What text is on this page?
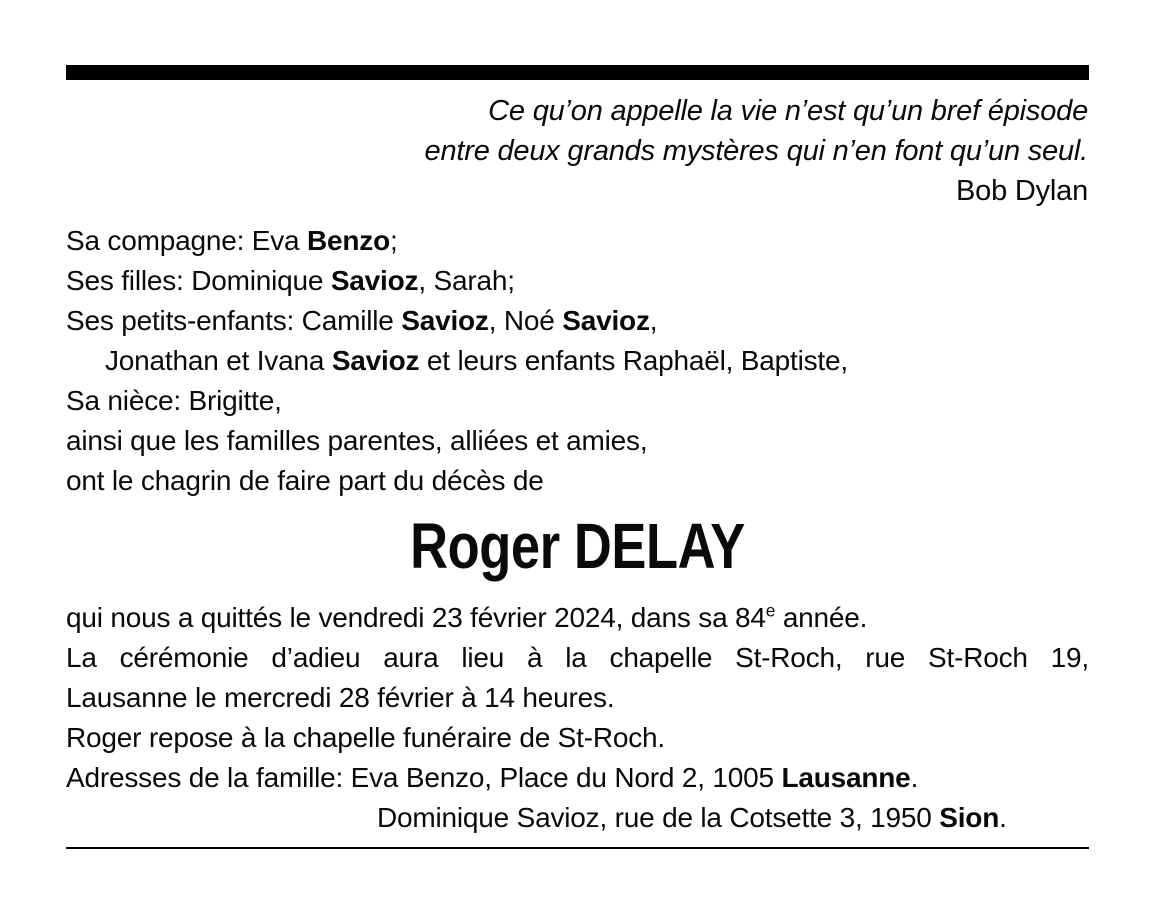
Ce qu’on appelle la vie n’est qu’un bref épisode
entre deux grands mystères qui n’en font qu’un seul.
Bob Dylan
Sa compagne: Eva Benzo;
Ses filles: Dominique Savioz, Sarah;
Ses petits-enfants: Camille Savioz, Noé Savioz,
Jonathan et Ivana Savioz et leurs enfants Raphaël, Baptiste,
Sa nièce: Brigitte,
ainsi que les familles parentes, alliées et amies,
ont le chagrin de faire part du décès de
Roger DELAY
qui nous a quittés le vendredi 23 février 2024, dans sa 84e année.
La cérémonie d’adieu aura lieu à la chapelle St-Roch, rue St-Roch 19,
Lausanne le mercredi 28 février à 14 heures.
Roger repose à la chapelle funéraire de St-Roch.
Adresses de la famille: Eva Benzo, Place du Nord 2, 1005 Lausanne.
Dominique Savioz, rue de la Cotsette 3, 1950 Sion.
